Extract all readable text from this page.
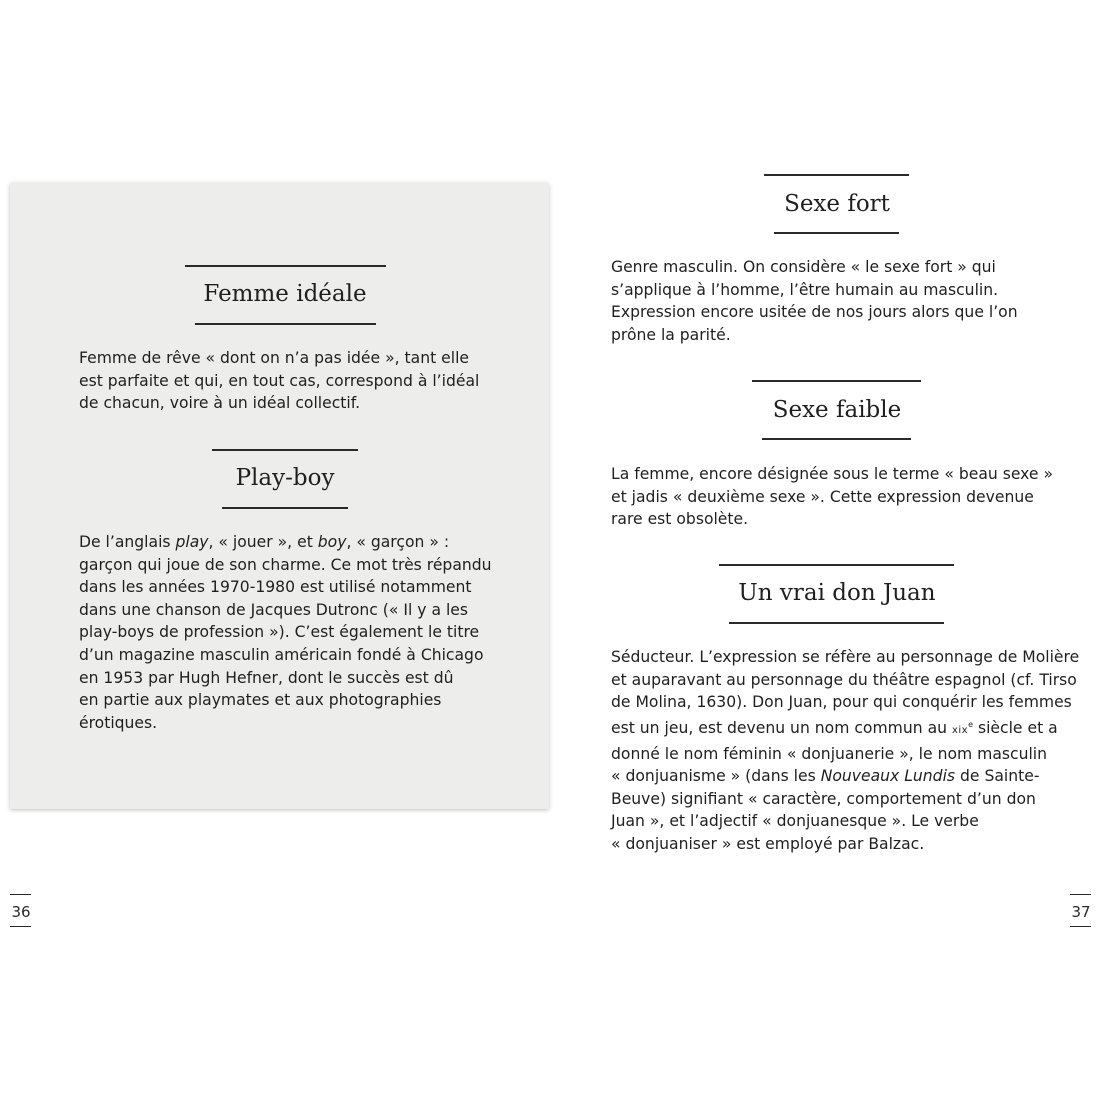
Femme idéale

Femme de rêve « dont on n’a pas idée », tant elle

est parfaite et qui, en tout cas, correspond à l’idéal

de chacun, voire à un idéal collectif.

Play-boy

De l’anglais play, « jouer », et boy, « garçon » :

garçon qui joue de son charme. Ce mot très répandu

dans les années 1970-1980 est utilisé notamment

dans une chanson de Jacques Dutronc (« Il y a les

play-boys de profession »). C’est également le titre

d’un magazine masculin américain fondé à Chicago

en 1953 par Hugh Hefner, dont le succès est dû

en partie aux playmates et aux photographies

érotiques.

36
Sexe fort

Genre masculin. On considère « le sexe fort » qui

s’applique à l’homme, l’être humain au masculin.

Expression encore usitée de nos jours alors que l’on

prône la parité.

Sexe faible

La femme, encore désignée sous le terme « beau sexe »

et jadis « deuxième sexe ». Cette expression devenue

rare est obsolète.

Un vrai don Juan

Séducteur. L’expression se réfère au personnage de Molière

et auparavant au personnage du théâtre espagnol (cf. Tirso

de Molina, 1630). Don Juan, pour qui conquérir les femmes

est un jeu, est devenu un nom commun au xix$^e$ siècle et a

donné le nom féminin « donjuanerie », le nom masculin

« donjuanisme » (dans les Nouveaux Lundis de Sainte-

Beuve) signifiant « caractère, comportement d’un don

Juan », et l’adjectif « donjuanesque ». Le verbe

« donjuaniser » est employé par Balzac.

37
